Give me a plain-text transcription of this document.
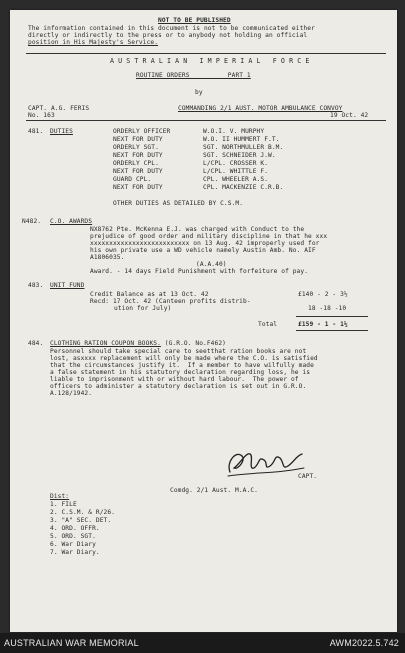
NOT TO BE PUBLISHED
The information contained in this document is not to be communicated either
directly or indirectly to the press or to anybody not holding an official
position in His Majesty's Service.
A U S T R A L I A N   I M P E R I A L   F O R C E
ROUTINE ORDERS          PART 1
by
CAPT. A.G. FERIS
No. 163
COMMANDING 2/1 AUST. MOTOR AMBULANCE CONVOY
19 Oct. 42
481. DUTIES	ORDERLY OFFICER	W.O.I. V. MURPHY
NEXT FOR DUTY	W.O. II HUMMERT F.T.
ORDERLY SGT.	SGT. NORTHMULLER B.M.
NEXT FOR DUTY	SGT. SCHNEIDER J.W.
ORDERLY CPL.	L/CPL. CROSSER K.
NEXT FOR DUTY	L/CPL. WHITTLE F.
GUARD CPL.	CPL. WHEELER A.S.
NEXT FOR DUTY	CPL. MACKENZIE C.R.B.
OTHER DUTIES AS DETAILED BY C.S.M.
N482. C.O. AWARDS
NX8762 Pte. McKenna E.J. was charged with Conduct to the
prejudice of good order and military discipline in that he xxx
xxxxxxxxxxxxxxxxxxxxxxxxxx on 13 Aug. 42 improperly used for
his own private use a WD vehicle namely Austin Amb. No. AIF
A1806035.
(A.A.40)
Award. - 14 days Field Punishment with forfeiture of pay.
483. UNIT FUND
Credit Balance as at 13 Oct. 42	£140 - 2 - 3½
Recd: 17 Oct. 42 (Canteen profits distrib-
ution for July)	18 -18 -10
Total	£159 - 1 - 1½
484. CLOTHING RATION COUPON BOOKS. (G.R.O. No.F462)
Personnel should take special care to seetthat ration books are not
lost, asxxxx replacement will only be made where the C.O. is satisfied
that the circumstances justify it.  If a member to have wilfully made
a false statement in his statutory declaration regarding loss, he is
liable to imprisonment with or without hard labour.  The power of
officers to administer a statutory declaration is set out in G.R.O.
A.128/1942.
CAPT.
Comdg. 2/1 Aust. M.A.C.
Dist:
1. FILE
2. C.S.M. & R/26.
3. "A" SEC. DET.
4. ORD. OFFR.
5. ORD. SGT.
6. War Diary
7. War Diary.
AUSTRALIAN WAR MEMORIAL	AWM2022.5.742
